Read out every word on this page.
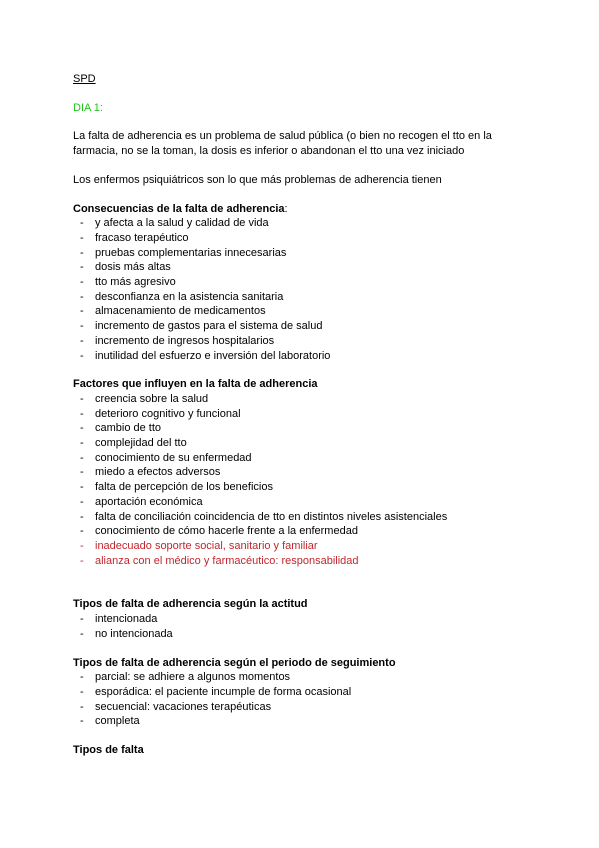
SPD

DIA 1:

La falta de adherencia es un problema de salud pública (o bien no recogen el tto en la farmacia, no se la toman, la dosis es inferior o abandonan el tto una vez iniciado

Los enfermos psiquiátricos son lo que más problemas de adherencia tienen

Consecuencias de la falta de adherencia:

- y afecta a la salud y calidad de vida
- fracaso terapéutico
- pruebas complementarias innecesarias
- dosis más altas
- tto más agresivo
- desconfianza en la asistencia sanitaria
- almacenamiento de medicamentos
- incremento de gastos para el sistema de salud
- incremento de ingresos hospitalarios
- inutilidad del esfuerzo e inversión del laboratorio

Factores que influyen en la falta de adherencia

- creencia sobre la salud
- deterioro cognitivo y funcional
- cambio de tto
- complejidad del tto
- conocimiento de su enfermedad
- miedo a efectos adversos
- falta de percepción de los beneficios
- aportación económica
- falta de conciliación coincidencia de tto en distintos niveles asistenciales
- conocimiento de cómo hacerle frente a la enfermedad
- inadecuado soporte social, sanitario y familiar
- alianza con el médico y farmacéutico: responsabilidad

Tipos de falta de adherencia según la actitud

- intencionada
- no intencionada

Tipos de falta de adherencia según el periodo de seguimiento

- parcial: se adhiere a algunos momentos
- esporádica: el paciente incumple de forma ocasional
- secuencial: vacaciones terapéuticas
- completa

Tipos de falta
